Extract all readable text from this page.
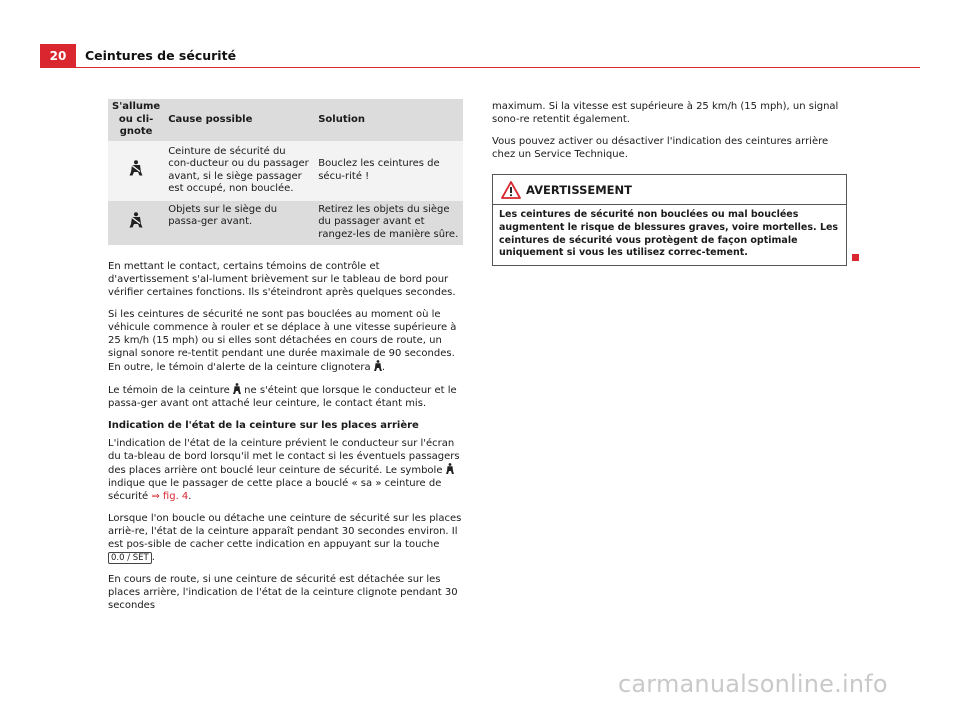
20	Ceintures de sécurité
S'allume ou cli-gnote	Cause possible	Solution
	Ceinture de sécurité du con-ducteur ou du passager avant, si le siège passager est occupé, non bouclée.	Bouclez les ceintures de sécu-rité !
	Objets sur le siège du passa-ger avant.	Retirez les objets du siège du passager avant et rangez-les de manière sûre.

En mettant le contact, certains témoins de contrôle et d'avertissement s'al-lument brièvement sur le tableau de bord pour vérifier certaines fonctions. Ils s'éteindront après quelques secondes.

Si les ceintures de sécurité ne sont pas bouclées au moment où le véhicule commence à rouler et se déplace à une vitesse supérieure à 25 km/h (15 mph) ou si elles sont détachées en cours de route, un signal sonore re-tentit pendant une durée maximale de 90 secondes. En outre, le témoin d'alerte de la ceinture clignotera .

Le témoin de la ceinture ne s'éteint que lorsque le conducteur et le passa-ger avant ont attaché leur ceinture, le contact étant mis.

Indication de l'état de la ceinture sur les places arrière

L'indication de l'état de la ceinture prévient le conducteur sur l'écran du ta-bleau de bord lorsqu'il met le contact si les éventuels passagers des places arrière ont bouclé leur ceinture de sécurité. Le symbole  indique que le passager de cette place a bouclé « sa » ceinture de sécurité ⇒ fig. 4.

Lorsque l'on boucle ou détache une ceinture de sécurité sur les places arriè-re, l'état de la ceinture apparaît pendant 30 secondes environ. Il est pos-sible de cacher cette indication en appuyant sur la touche 0.0 / SET .

En cours de route, si une ceinture de sécurité est détachée sur les places arrière, l'indication de l'état de la ceinture clignote pendant 30 secondes

maximum. Si la vitesse est supérieure à 25 km/h (15 mph), un signal sono-re retentit également.

Vous pouvez activer ou désactiver l'indication des ceintures arrière chez un Service Technique.

AVERTISSEMENT
Les ceintures de sécurité non bouclées ou mal bouclées augmentent le risque de blessures graves, voire mortelles. Les ceintures de sécurité vous protègent de façon optimale uniquement si vous les utilisez correc-tement.
carmanualsonline.info
